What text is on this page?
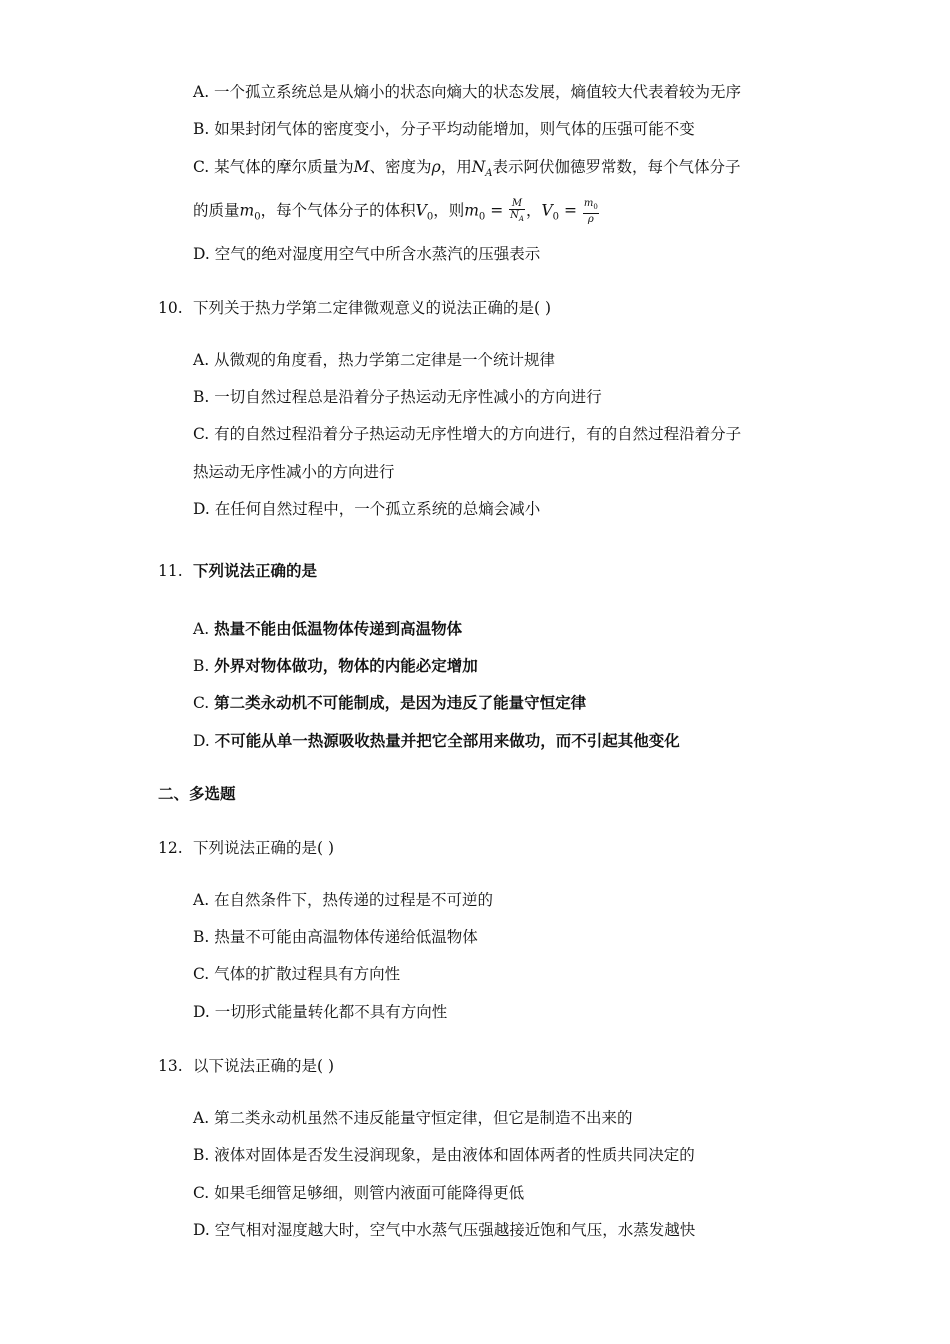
A. 一个孤立系统总是从熵小的状态向熵大的状态发展，熵值较大代表着较为无序
B. 如果封闭气体的密度变小，分子平均动能增加，则气体的压强可能不变
C. 某气体的摩尔质量为M、密度为ρ，用$N_A$表示阿伏伽德罗常数，每个气体分子
的质量$m_0$，每个气体分子的体积$V_0$，则$m_0 = \frac{M}{N_A}$ ，$V_0 = \frac{m_0}{\rho}$
D. 空气的绝对湿度用空气中所含水蒸汽的压强表示
10. 下列关于热力学第二定律微观意义的说法正确的是( )
A. 从微观的角度看，热力学第二定律是一个统计规律
B. 一切自然过程总是沿着分子热运动无序性减小的方向进行
C. 有的自然过程沿着分子热运动无序性增大的方向进行，有的自然过程沿着分子
热运动无序性减小的方向进行
D. 在任何自然过程中，一个孤立系统的总熵会减小
11. 下列说法正确的是
A. 热量不能由低温物体传递到高温物体
B. 外界对物体做功，物体的内能必定增加
C. 第二类永动机不可能制成，是因为违反了能量守恒定律
D. 不可能从单一热源吸收热量并把它全部用来做功，而不引起其他变化
二、多选题
12. 下列说法正确的是( )
A. 在自然条件下，热传递的过程是不可逆的
B. 热量不可能由高温物体传递给低温物体
C. 气体的扩散过程具有方向性
D. 一切形式能量转化都不具有方向性
13. 以下说法正确的是( )
A. 第二类永动机虽然不违反能量守恒定律，但它是制造不出来的
B. 液体对固体是否发生浸润现象，是由液体和固体两者的性质共同决定的
C. 如果毛细管足够细，则管内液面可能降得更低
D. 空气相对湿度越大时，空气中水蒸气压强越接近饱和气压，水蒸发越快
